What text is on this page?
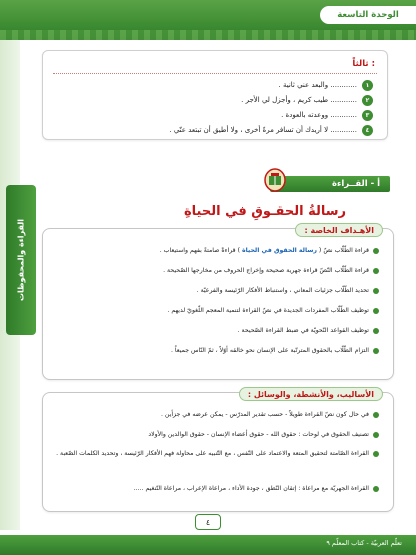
الوحدة التاسعة
ثالثاً :
............ والبعد عني ثانية .	١
............ طيب كريم ، وأجزل لي الأجر .	٢
............ ووعدته بالعودة .	٣
............ لا أريدك أن تسافر مرةً أخرى ، ولا أطيق أن تبتعد عنّي .	٤
أ - القــراءة
رسالةُ الحقـوقِ في الحياةِ
القراءة والمحفوظات	الأهـداف الخاصة :
قراءة الطّلّاب نصّ ( رسالة الحقوق في الحياة ) قراءةً صامتةً بفهم واستيعاب .
قراءة الطّلّاب النّصّ قراءة جهرية صحيحة وإخراج الحروف من مخارجها الصّحيحة .
تحديد الطّلّاب جزئيات المعاني ، واستنباط الأفكار الرّئيسة والفرعيّة .
توظيف الطّلّاب المفردات الجديدة في نصّ القراءة لتنمية المعجم اللّغويّ لديهم .
توظيف القواعد النّحويّة في ضبط القراءة الصّحيحة .
التزام الطّلّاب بالحقوق المترتّبة على الإنسان نحو خالقه أوّلاً ، ثمّ النّاس جميعاً .
الأساليب، والأنشطة، والوسائل :
في حال كون نصّ القراءة طويلاً - حسب تقدير المدرّس - يمكن عرضه في جزأين .
تصنيف الحقوق في لوحات : حقوق الله - حقوق أعضاء الإنسان - حقوق الوالدين والأولاد
القراءة الصّامتة لتحقيق المتعة والاعتماد على النّفس ، مع التّنبيه على محاولة فهم الأفكار الرّئيسة ، وتحديد الكلمات الصّعبة .
القراءة الجهريّة مع مراعاة : إتقان النّطق ، جودة الأداء ، مراعاة الإعراب ، مراعاة التّنغيم .....
٤
تعلّم العربيّة - كتاب المعلّم ٩
